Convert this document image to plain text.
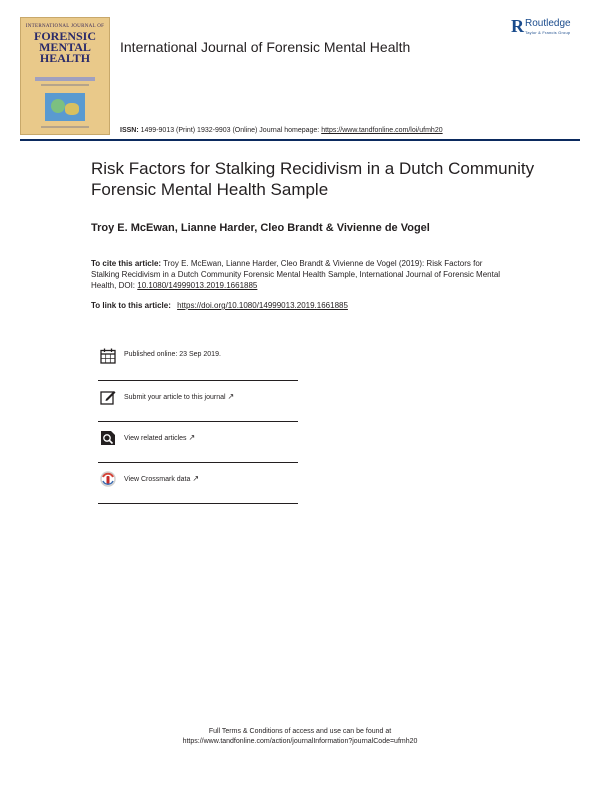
INTERNATIONAL JOURNAL OF
FORENSIC
MENTAL
HEALTH
International Journal of Forensic Mental Health
R Routledge
Taylor & Francis Group
ISSN: 1499-9013 (Print) 1932-9903 (Online) Journal homepage: https://www.tandfonline.com/loi/ufmh20
Risk Factors for Stalking Recidivism in a Dutch Community Forensic Mental Health Sample
Troy E. McEwan, Lianne Harder, Cleo Brandt & Vivienne de Vogel
To cite this article: Troy E. McEwan, Lianne Harder, Cleo Brandt & Vivienne de Vogel (2019): Risk Factors for Stalking Recidivism in a Dutch Community Forensic Mental Health Sample, International Journal of Forensic Mental Health, DOI: 10.1080/14999013.2019.1661885
To link to this article: https://doi.org/10.1080/14999013.2019.1661885
Published online: 23 Sep 2019.
Submit your article to this journal ↗
View related articles ↗
View Crossmark data ↗
Full Terms & Conditions of access and use can be found at
https://www.tandfonline.com/action/journalInformation?journalCode=ufmh20
